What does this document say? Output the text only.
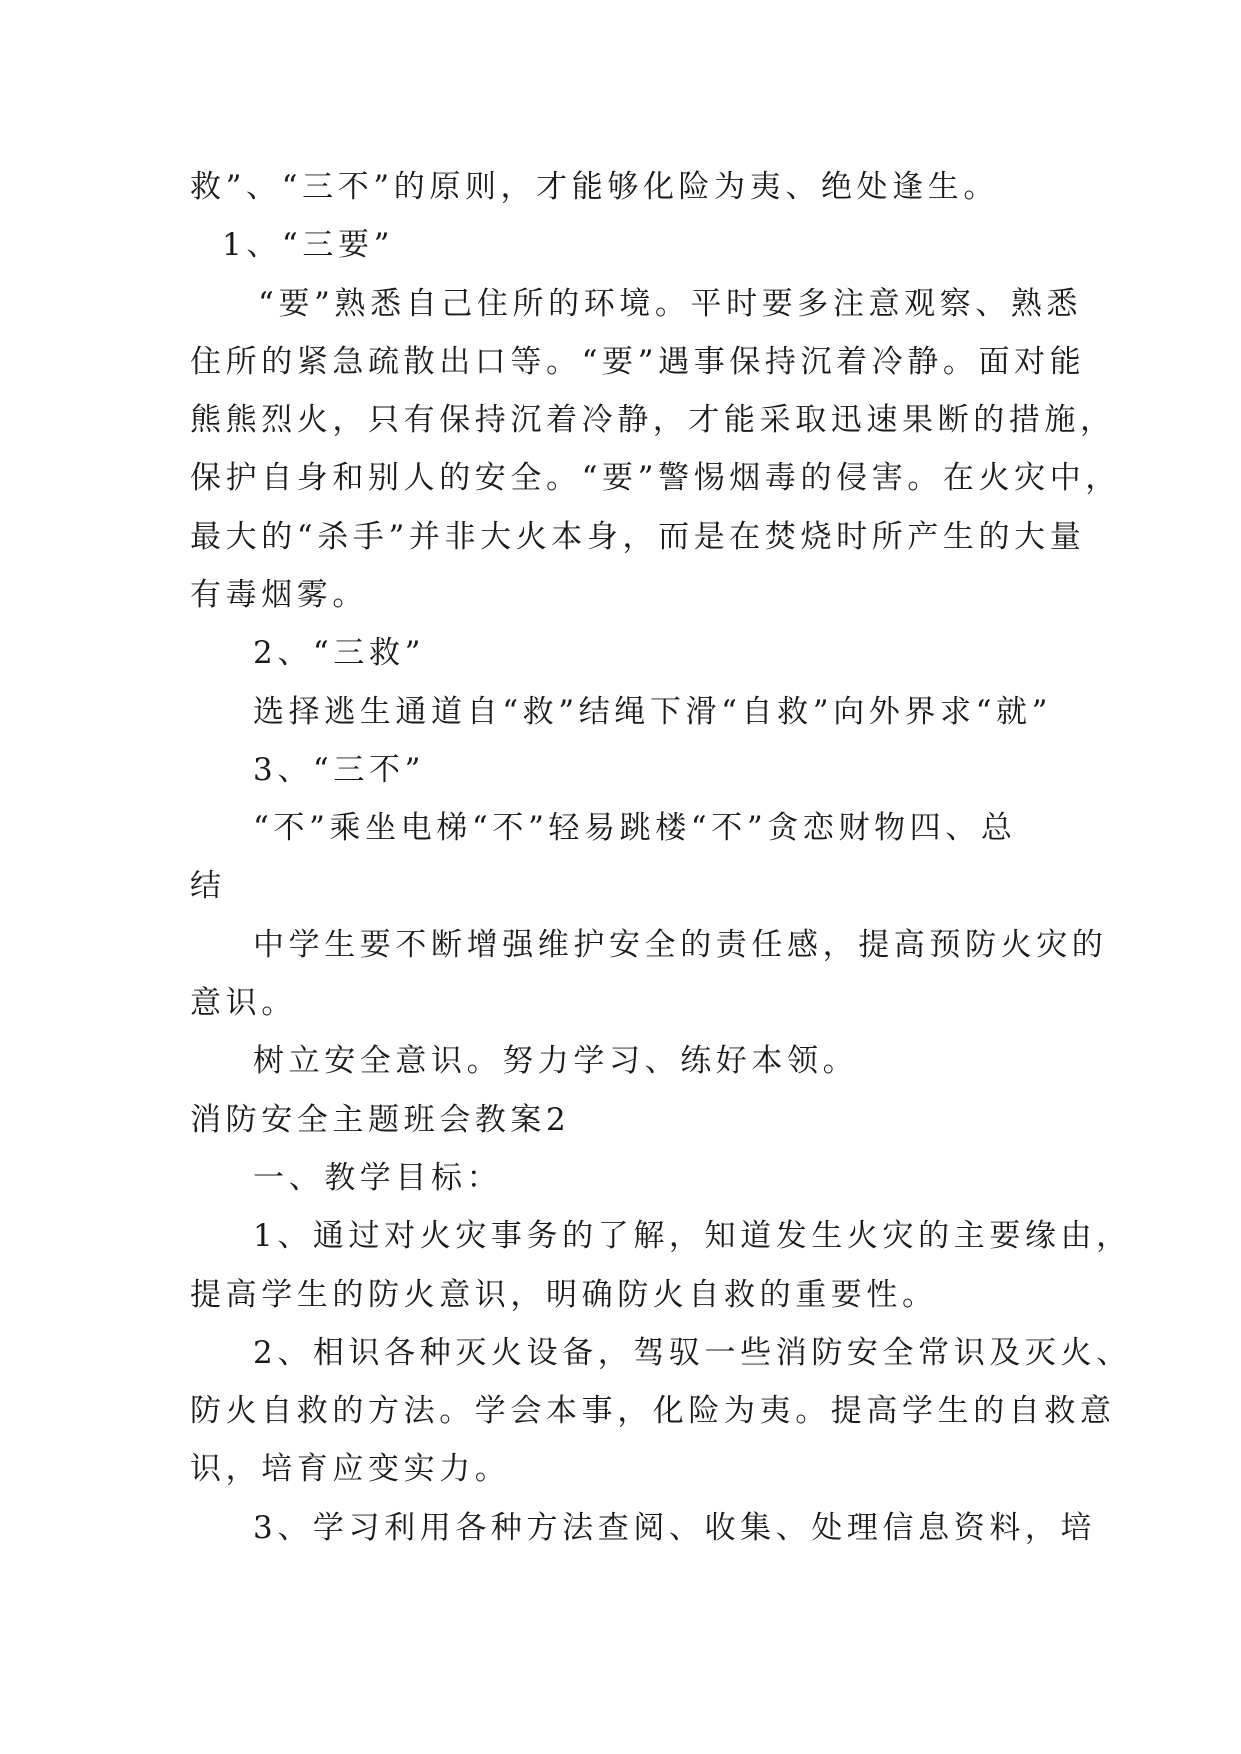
救”、“三不”的原则，才能够化险为夷、绝处逢生。
1、“三要”
“要”熟悉自己住所的环境。平时要多注意观察、熟悉
住所的紧急疏散出口等。“要”遇事保持沉着冷静。面对能
熊熊烈火，只有保持沉着冷静，才能采取迅速果断的措施，
保护自身和别人的安全。“要”警惕烟毒的侵害。在火灾中，
最大的“杀手”并非大火本身，而是在焚烧时所产生的大量
有毒烟雾。
2、“三救”
选择逃生通道自“救”结绳下滑“自救”向外界求“就”
3、“三不”
“不”乘坐电梯“不”轻易跳楼“不”贪恋财物四、总
结
中学生要不断增强维护安全的责任感，提高预防火灾的
意识。
树立安全意识。努力学习、练好本领。
消防安全主题班会教案2
一、教学目标：
1、通过对火灾事务的了解，知道发生火灾的主要缘由，
提高学生的防火意识，明确防火自救的重要性。
2、相识各种灭火设备，驾驭一些消防安全常识及灭火、
防火自救的方法。学会本事，化险为夷。提高学生的自救意
识，培育应变实力。
3、学习利用各种方法查阅、收集、处理信息资料，培
